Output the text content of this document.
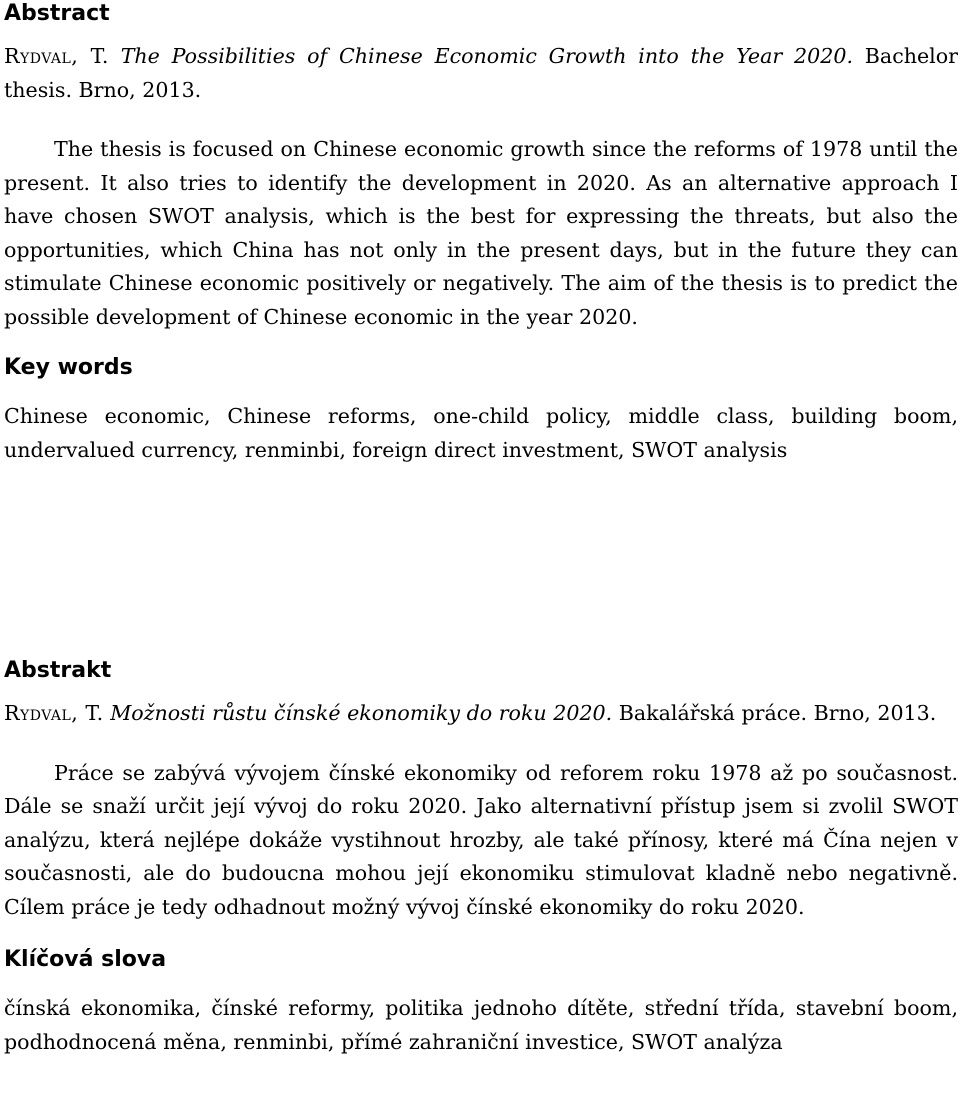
Abstract

Rydval, T. The Possibilities of Chinese Economic Growth into the Year 2020. Bachelor thesis. Brno, 2013.

The thesis is focused on Chinese economic growth since the reforms of 1978 until the present. It also tries to identify the development in 2020. As an alternative approach I have chosen SWOT analysis, which is the best for expressing the threats, but also the opportunities, which China has not only in the present days, but in the future they can stimulate Chinese economic positively or negatively. The aim of the thesis is to predict the possible development of Chinese economic in the year 2020.

Key words

Chinese economic, Chinese reforms, one-child policy, middle class, building boom, undervalued currency, renminbi, foreign direct investment, SWOT analysis

Abstrakt

Rydval, T. Možnosti růstu čínské ekonomiky do roku 2020. Bakalářská práce. Brno, 2013.

Práce se zabývá vývojem čínské ekonomiky od reforem roku 1978 až po současnost. Dále se snaží určit její vývoj do roku 2020. Jako alternativní přístup jsem si zvolil SWOT analýzu, která nejlépe dokáže vystihnout hrozby, ale také přínosy, které má Čína nejen v současnosti, ale do budoucna mohou její ekonomiku stimulovat kladně nebo negativně. Cílem práce je tedy odhadnout možný vývoj čínské ekonomiky do roku 2020.

Klíčová slova

čínská ekonomika, čínské reformy, politika jednoho dítěte, střední třída, stavební boom, podhodnocená měna, renminbi, přímé zahraniční investice, SWOT analýza
